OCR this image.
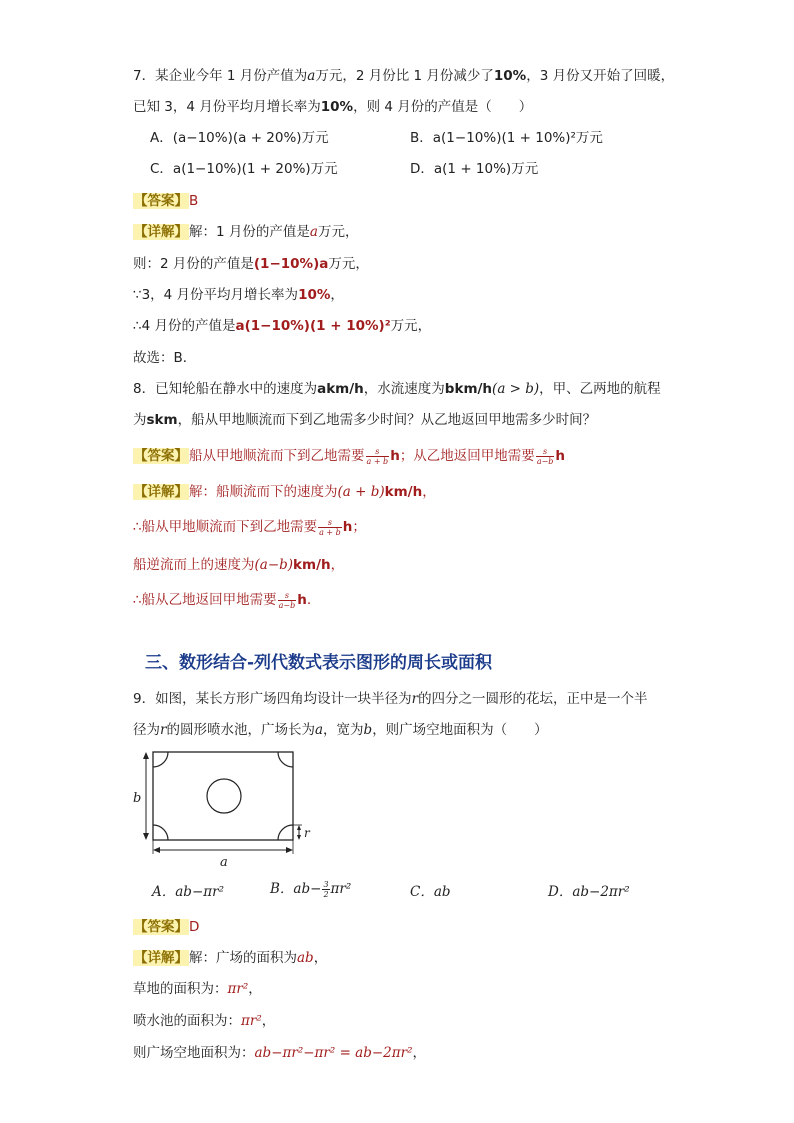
7．某企业今年 1 月份产值为a万元，2 月份比 1 月份减少了10%，3 月份又开始了回暖，
已知 3，4 月份平均月增长率为10%，则 4 月份的产值是（　　）
A．(a−10%)(a + 20%)万元	B．a(1−10%)(1 + 10%)²万元
C．a(1−10%)(1 + 20%)万元	D．a(1 + 10%)万元
【答案】B
【详解】解：1 月份的产值是a万元，
则：2 月份的产值是(1−10%)a万元，
∵3，4 月份平均月增长率为10%，
∴4 月份的产值是a(1−10%)(1 + 10%)²万元，
故选：B．
8．已知轮船在静水中的速度为akm/h，水流速度为bkm/h(a > b)，甲、乙两地的航程
为skm，船从甲地顺流而下到乙地需多少时间？从乙地返回甲地需多少时间？
【答案】船从甲地顺流而下到乙地需要 $\frac{s}{a + b}$ h；从乙地返回甲地需要 $\frac{s}{a-b}$ h
【详解】解：船顺流而下的速度为(a + b)km/h，
∴船从甲地顺流而下到乙地需要 $\frac{s}{a + b}$ h；
船逆流而上的速度为(a−b)km/h，
∴船从乙地返回甲地需要 $\frac{s}{a-b} h$.
三、数形结合-列代数式表示图形的周长或面积
9．如图，某长方形广场四角均设计一块半径为r的四分之一圆形的花坛，正中是一个半
径为r的圆形喷水池，广场长为a，宽为b，则广场空地面积为（　　）
b
a
r
A．ab−πr²	B．$ab- \frac{3}{2} \pi r^2$	C．ab	D．ab−2πr²
【答案】D
【详解】解：广场的面积为ab，
草地的面积为：πr²，
喷水池的面积为：πr²，
则广场空地面积为：ab−πr²−πr² = ab−2πr²，
